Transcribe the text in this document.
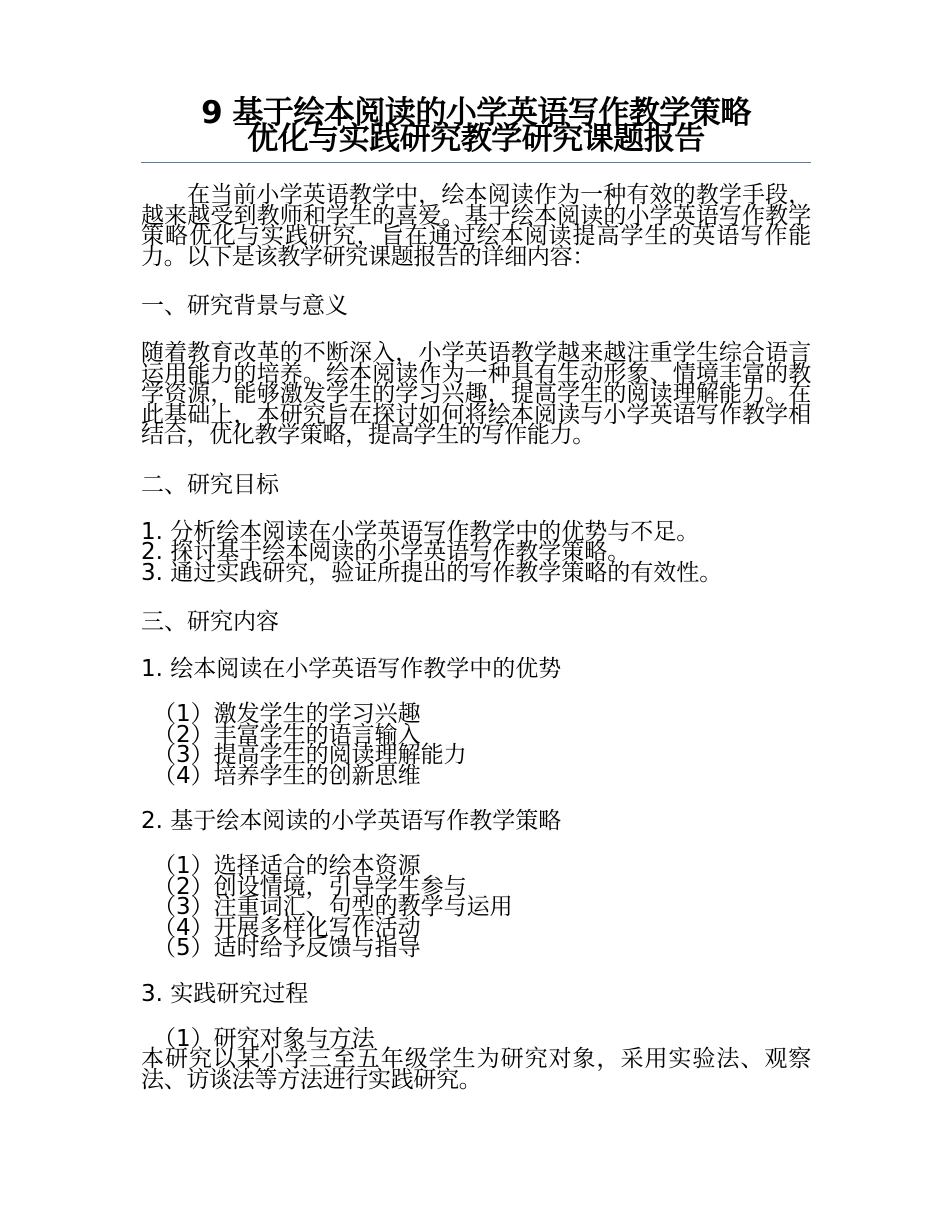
9 基于绘本阅读的小学英语写作教学策略
优化与实践研究教学研究课题报告

在当前小学英语教学中，绘本阅读作为一种有效的教学手段，越来越受到教师和学生的喜爱。基于绘本阅读的小学英语写作教学策略优化与实践研究，旨在通过绘本阅读提高学生的英语写作能力。以下是该教学研究课题报告的详细内容：

一、研究背景与意义

随着教育改革的不断深入，小学英语教学越来越注重学生综合语言运用能力的培养。绘本阅读作为一种具有生动形象、情境丰富的教学资源，能够激发学生的学习兴趣，提高学生的阅读理解能力。在此基础上，本研究旨在探讨如何将绘本阅读与小学英语写作教学相结合，优化教学策略，提高学生的写作能力。

二、研究目标

1. 分析绘本阅读在小学英语写作教学中的优势与不足。
2. 探讨基于绘本阅读的小学英语写作教学策略。
3. 通过实践研究，验证所提出的写作教学策略的有效性。

三、研究内容

1. 绘本阅读在小学英语写作教学中的优势

（1）激发学生的学习兴趣
（2）丰富学生的语言输入
（3）提高学生的阅读理解能力
（4）培养学生的创新思维

2. 基于绘本阅读的小学英语写作教学策略

（1）选择适合的绘本资源
（2）创设情境，引导学生参与
（3）注重词汇、句型的教学与运用
（4）开展多样化写作活动
（5）适时给予反馈与指导

3. 实践研究过程

（1）研究对象与方法

本研究以某小学三至五年级学生为研究对象，采用实验法、观察法、访谈法等方法进行实践研究。
